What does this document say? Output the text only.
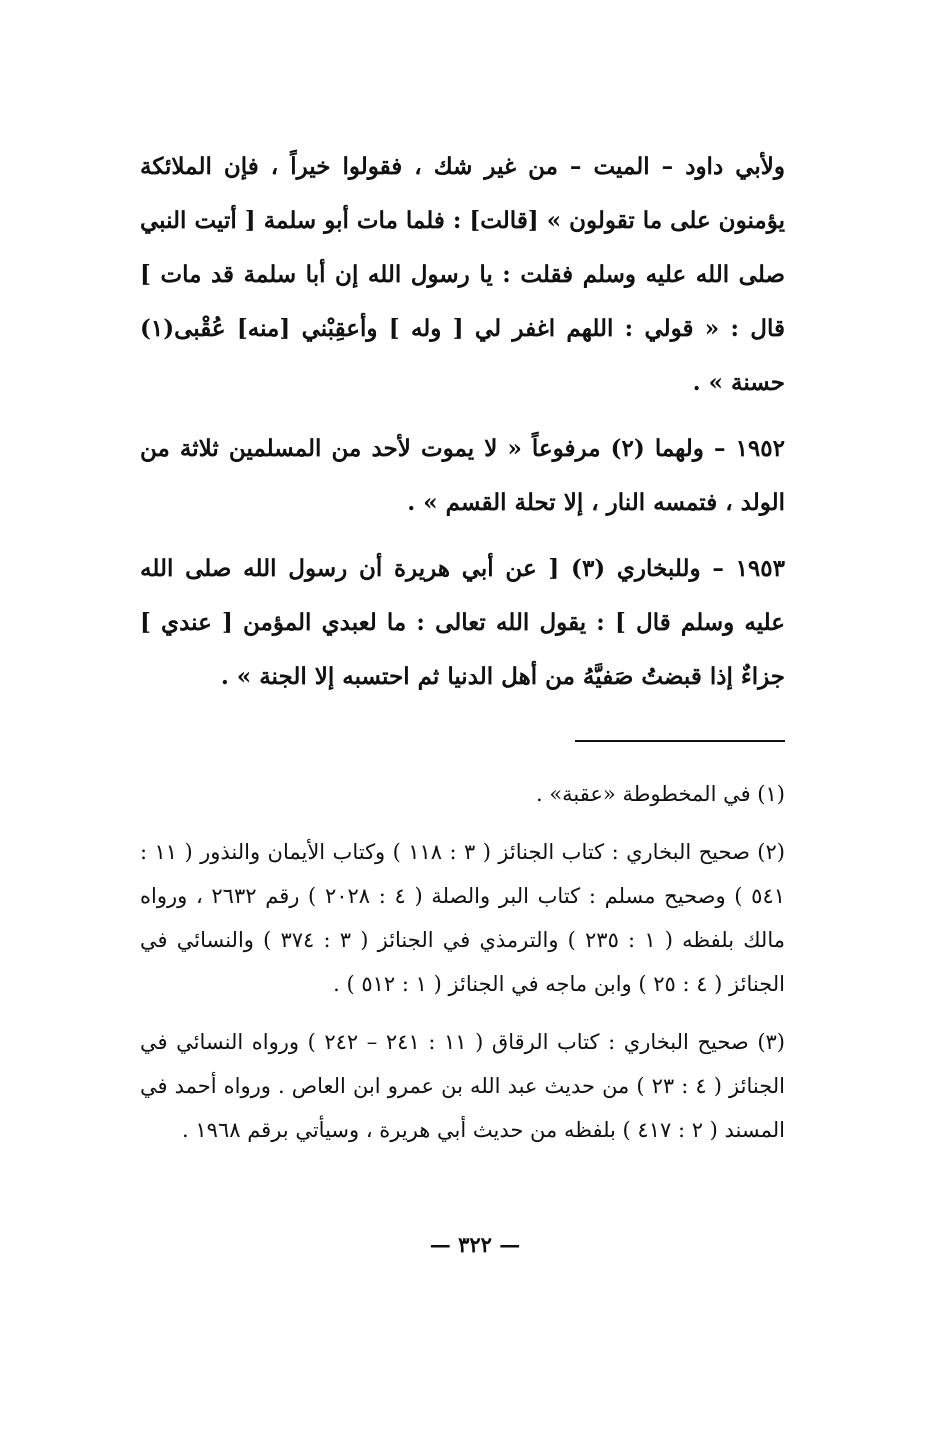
ولأبي داود – الميت – من غير شك ، فقولوا خيراً ، فإن الملائكة يؤمنون على ما تقولون » [قالت] : فلما مات أبو سلمة [ أتيت النبي صلى الله عليه وسلم فقلت : يا رسول الله إن أبا سلمة قد مات ] قال : « قولي : اللهم اغفر لي [ وله ] وأعقِبْني [منه] عُقْبى(١) حسنة » .

١٩٥٢ – ولهما (٢) مرفوعاً « لا يموت لأحد من المسلمين ثلاثة من الولد ، فتمسه النار ، إلا تحلة القسم » .

١٩٥٣ – وللبخاري (٣) [ عن أبي هريرة أن رسول الله صلى الله عليه وسلم قال ] : يقول الله تعالى : ما لعبدي المؤمن [ عندي ] جزاءٌ إذا قبضتُ صَفيَّهُ من أهل الدنيا ثم احتسبه إلا الجنة » .

(١) في المخطوطة «عقبة» .

(٢) صحيح البخاري : كتاب الجنائز ( ٣ : ١١٨ ) وكتاب الأيمان والنذور ( ١١ : ٥٤١ ) وصحيح مسلم : كتاب البر والصلة ( ٤ : ٢٠٢٨ ) رقم ٢٦٣٢ ، ورواه مالك بلفظه ( ١ : ٢٣٥ ) والترمذي في الجنائز ( ٣ : ٣٧٤ ) والنسائي في الجنائز ( ٤ : ٢٥ ) وابن ماجه في الجنائز ( ١ : ٥١٢ ) .

(٣) صحيح البخاري : كتاب الرقاق ( ١١ : ٢٤١ – ٢٤٢ ) ورواه النسائي في الجنائز ( ٤ : ٢٣ ) من حديث عبد الله بن عمرو ابن العاص . ورواه أحمد في المسند ( ٢ : ٤١٧ ) بلفظه من حديث أبي هريرة ، وسيأتي برقم ١٩٦٨ .

— ٣٢٢ —
